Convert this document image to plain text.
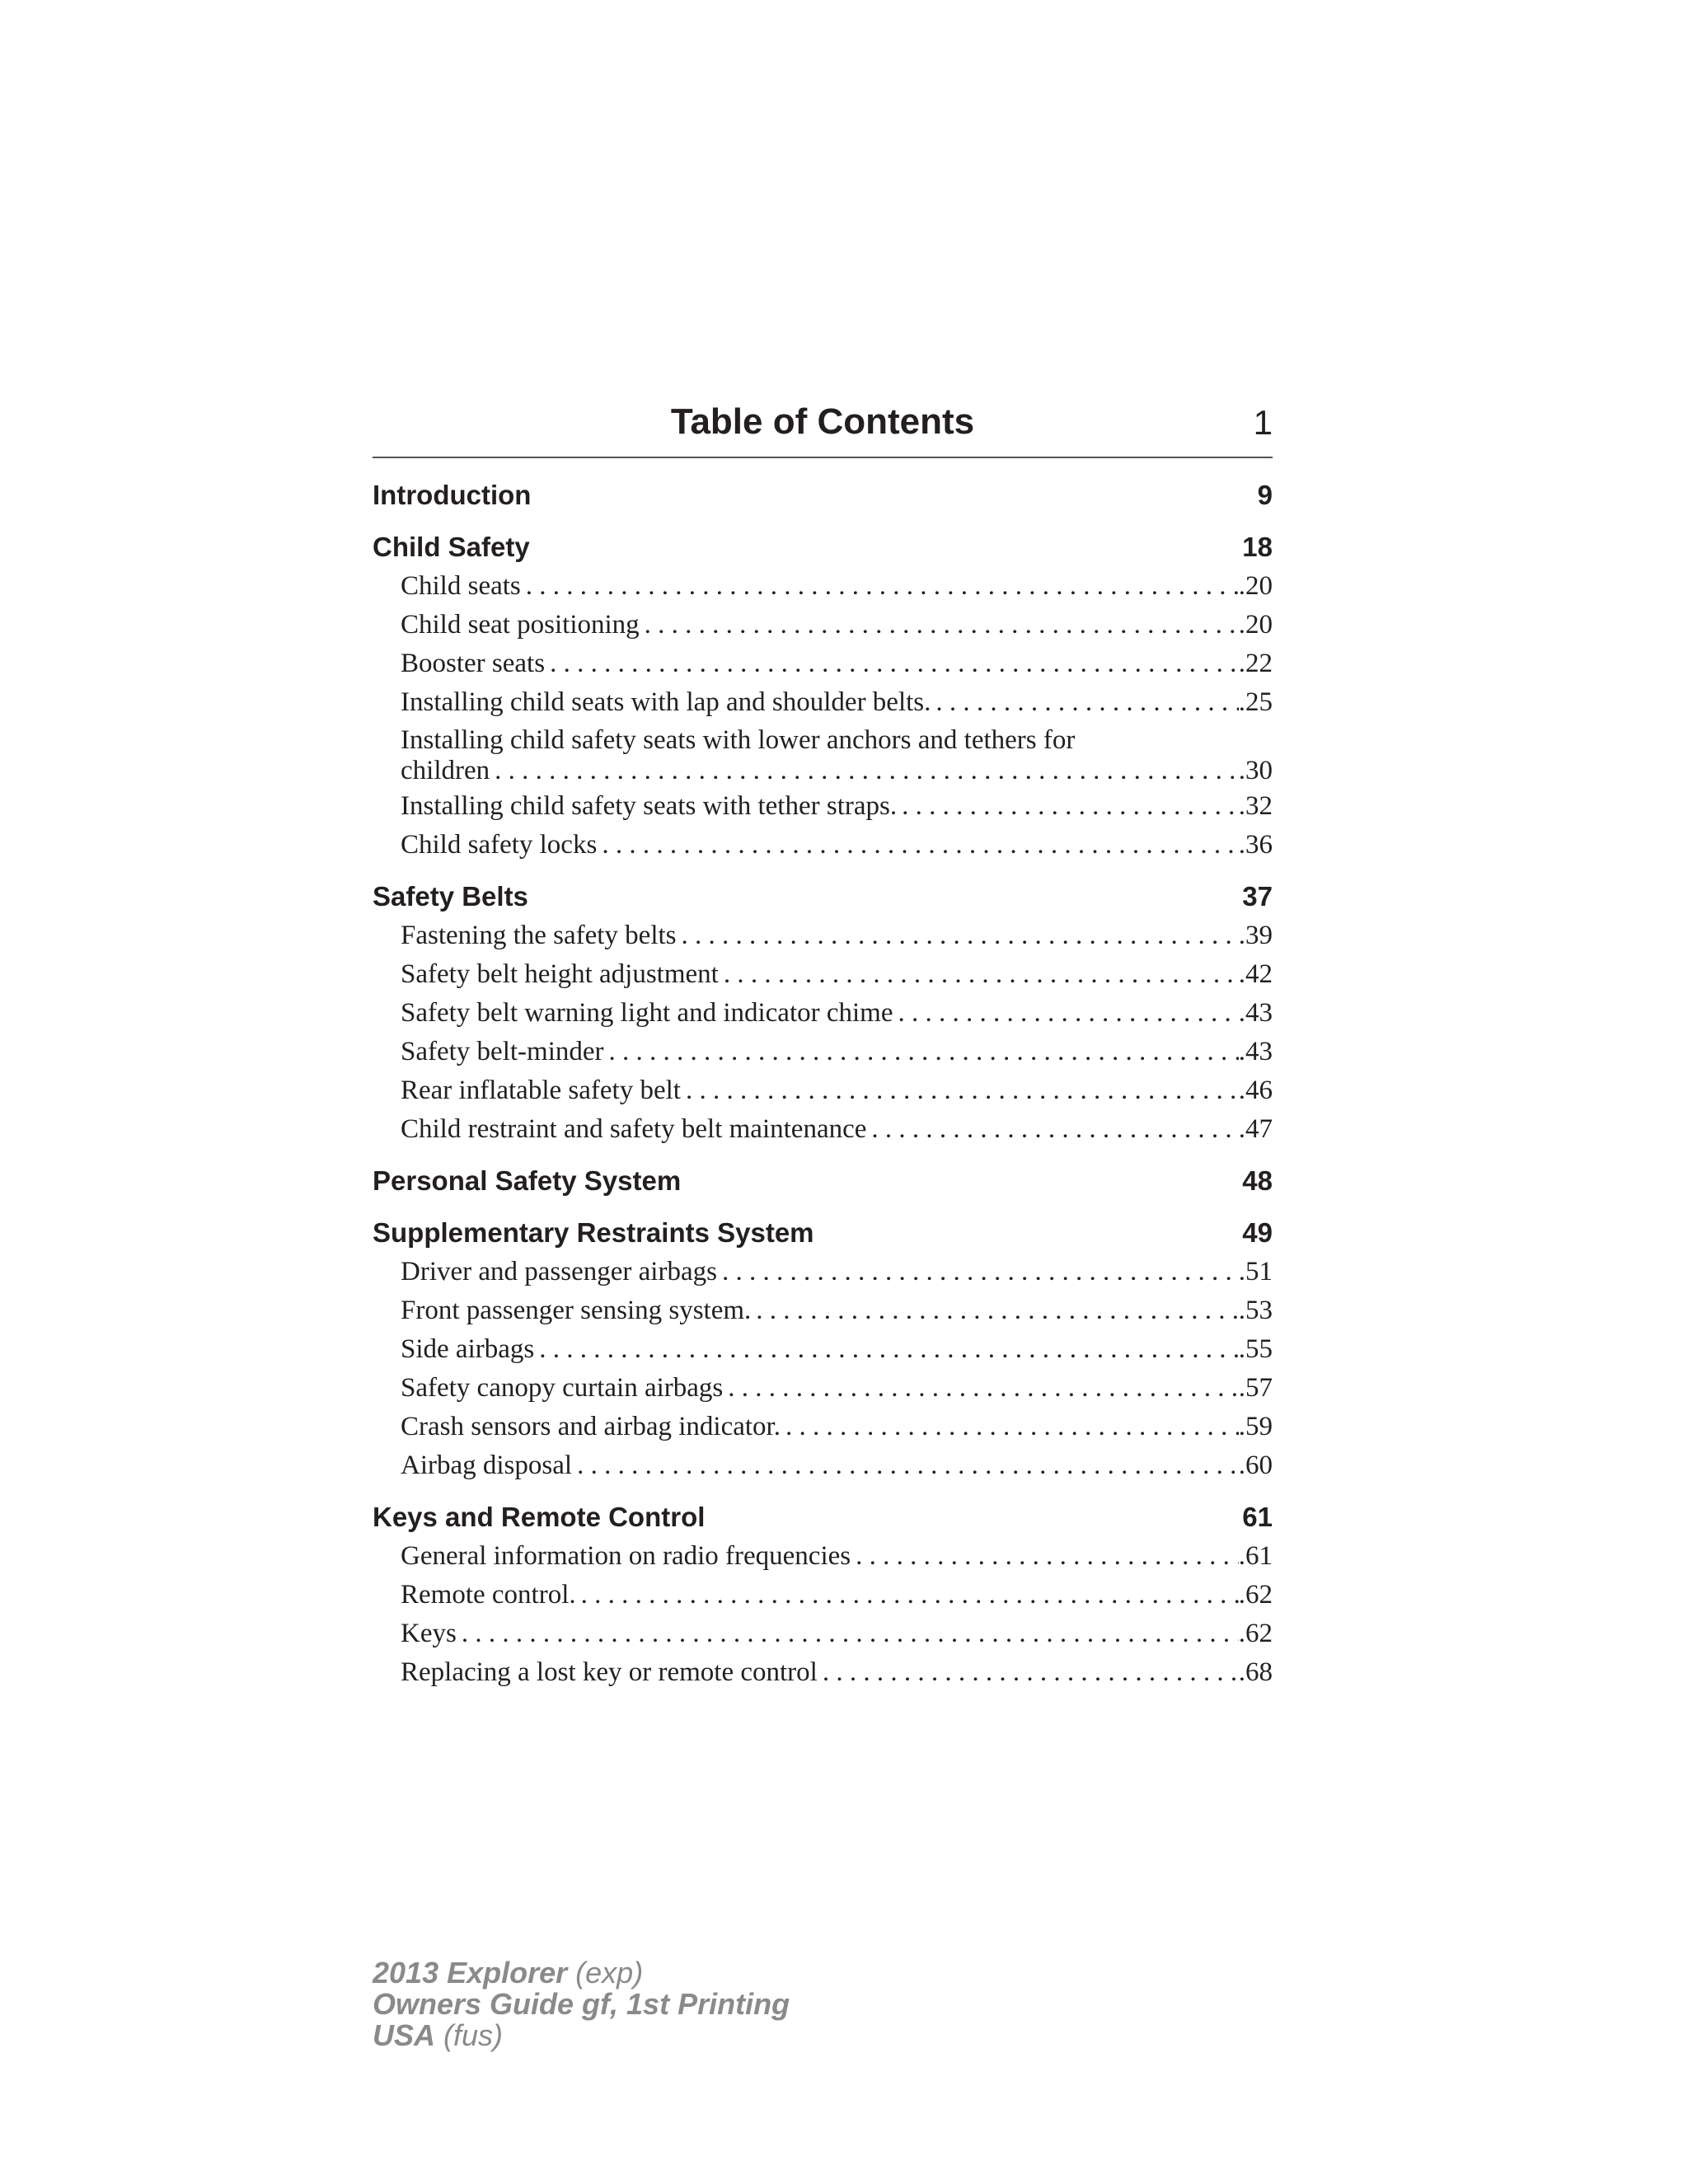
Table of Contents	1
Introduction	9
Child Safety	18
Child seats . . .	.20
Child seat positioning . . .	.20
Booster seats . . .	.22
Installing child seats with lap and shoulder belts. . . .	.25
Installing child safety seats with lower anchors and tethers for
children . . .	.30
Installing child safety seats with tether straps. . . .	.32
Child safety locks . . .	.36
Safety Belts	37
Fastening the safety belts . . .	.39
Safety belt height adjustment . . .	.42
Safety belt warning light and indicator chime . . .	.43
Safety belt-minder . . .	.43
Rear inflatable safety belt . . .	.46
Child restraint and safety belt maintenance . . .	.47
Personal Safety System	48
Supplementary Restraints System	49
Driver and passenger airbags . . .	.51
Front passenger sensing system. . . .	.53
Side airbags . . .	.55
Safety canopy curtain airbags . . .	.57
Crash sensors and airbag indicator. . . .	.59
Airbag disposal . . .	.60
Keys and Remote Control	61
General information on radio frequencies . . .	.61
Remote control. . . .	.62
Keys . . .	.62
Replacing a lost key or remote control . . .	.68
2013 Explorer (exp)
Owners Guide gf, 1st Printing
USA (fus)
